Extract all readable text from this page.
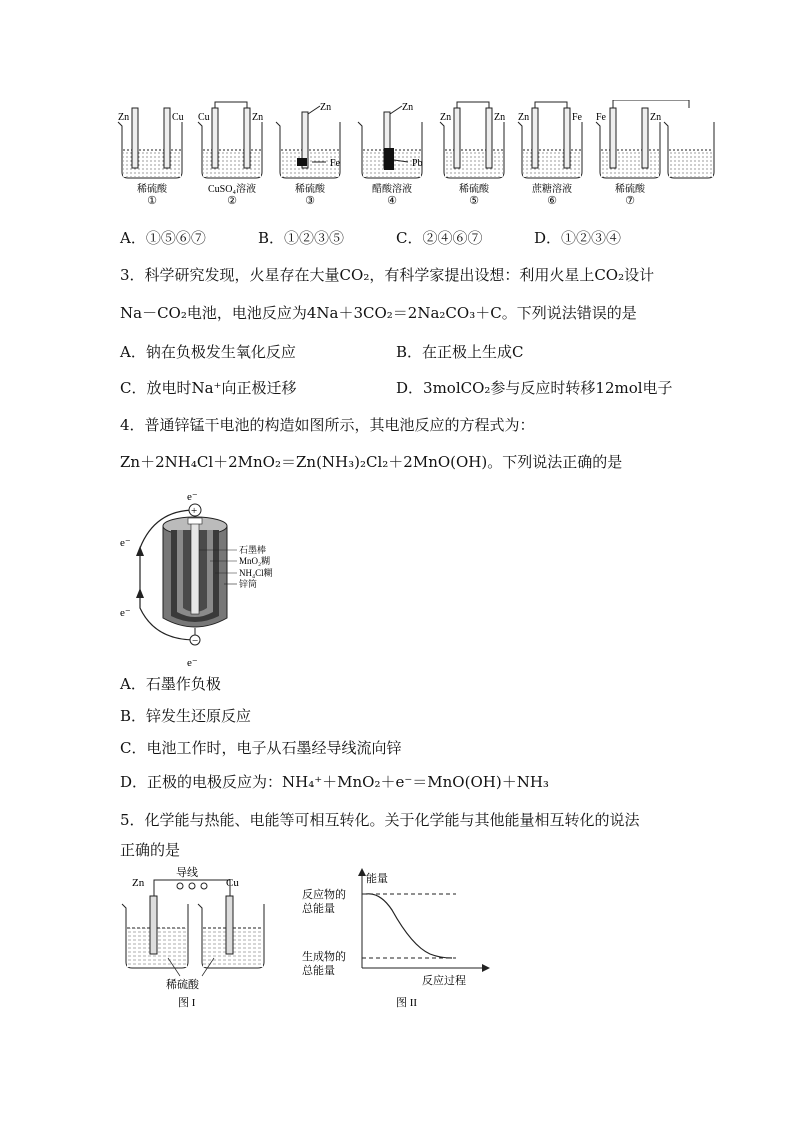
Zn	Cu
稀硫酸
①
Cu	Zn
CuSO₄溶液
②
Zn
Fe
稀硫酸
③
Zn
Pb
醋酸溶液
④
Zn	Zn
稀硫酸
⑤
Zn	Fe
蔗糖溶液
⑥
Fe	Zn
稀硫酸
⑦
A．①⑤⑥⑦	B．①②③⑤	C．②④⑥⑦	D．①②③④
3．科学研究发现，火星存在大量CO₂，有科学家提出设想：利用火星上CO₂设计
Na－CO₂电池，电池反应为4Na＋3CO₂＝2Na₂CO₃＋C。下列说法错误的是
A．钠在负极发生氧化反应	B．在正极上生成C
C．放电时Na⁺向正极迁移	D．3molCO₂参与反应时转移12mol电子
4．普通锌锰干电池的构造如图所示，其电池反应的方程式为：
Zn＋2NH₄Cl＋2MnO₂＝Zn(NH₃)₂Cl₂＋2MnO(OH)。下列说法正确的是
e⁻
e⁻
e⁻
e⁻
+
−
石墨棒
MnO₂糊
NH₄Cl糊
锌筒
A．石墨作负极
B．锌发生还原反应
C．电池工作时，电子从石墨经导线流向锌
D．正极的电极反应为：NH₄⁺＋MnO₂＋e⁻＝MnO(OH)＋NH₃
5．化学能与热能、电能等可相互转化。关于化学能与其他能量相互转化的说法
正确的是
导线
Zn	Cu
稀硫酸
图 I
能量
反应物的
总能量
生成物的
总能量
反应过程
图 II
